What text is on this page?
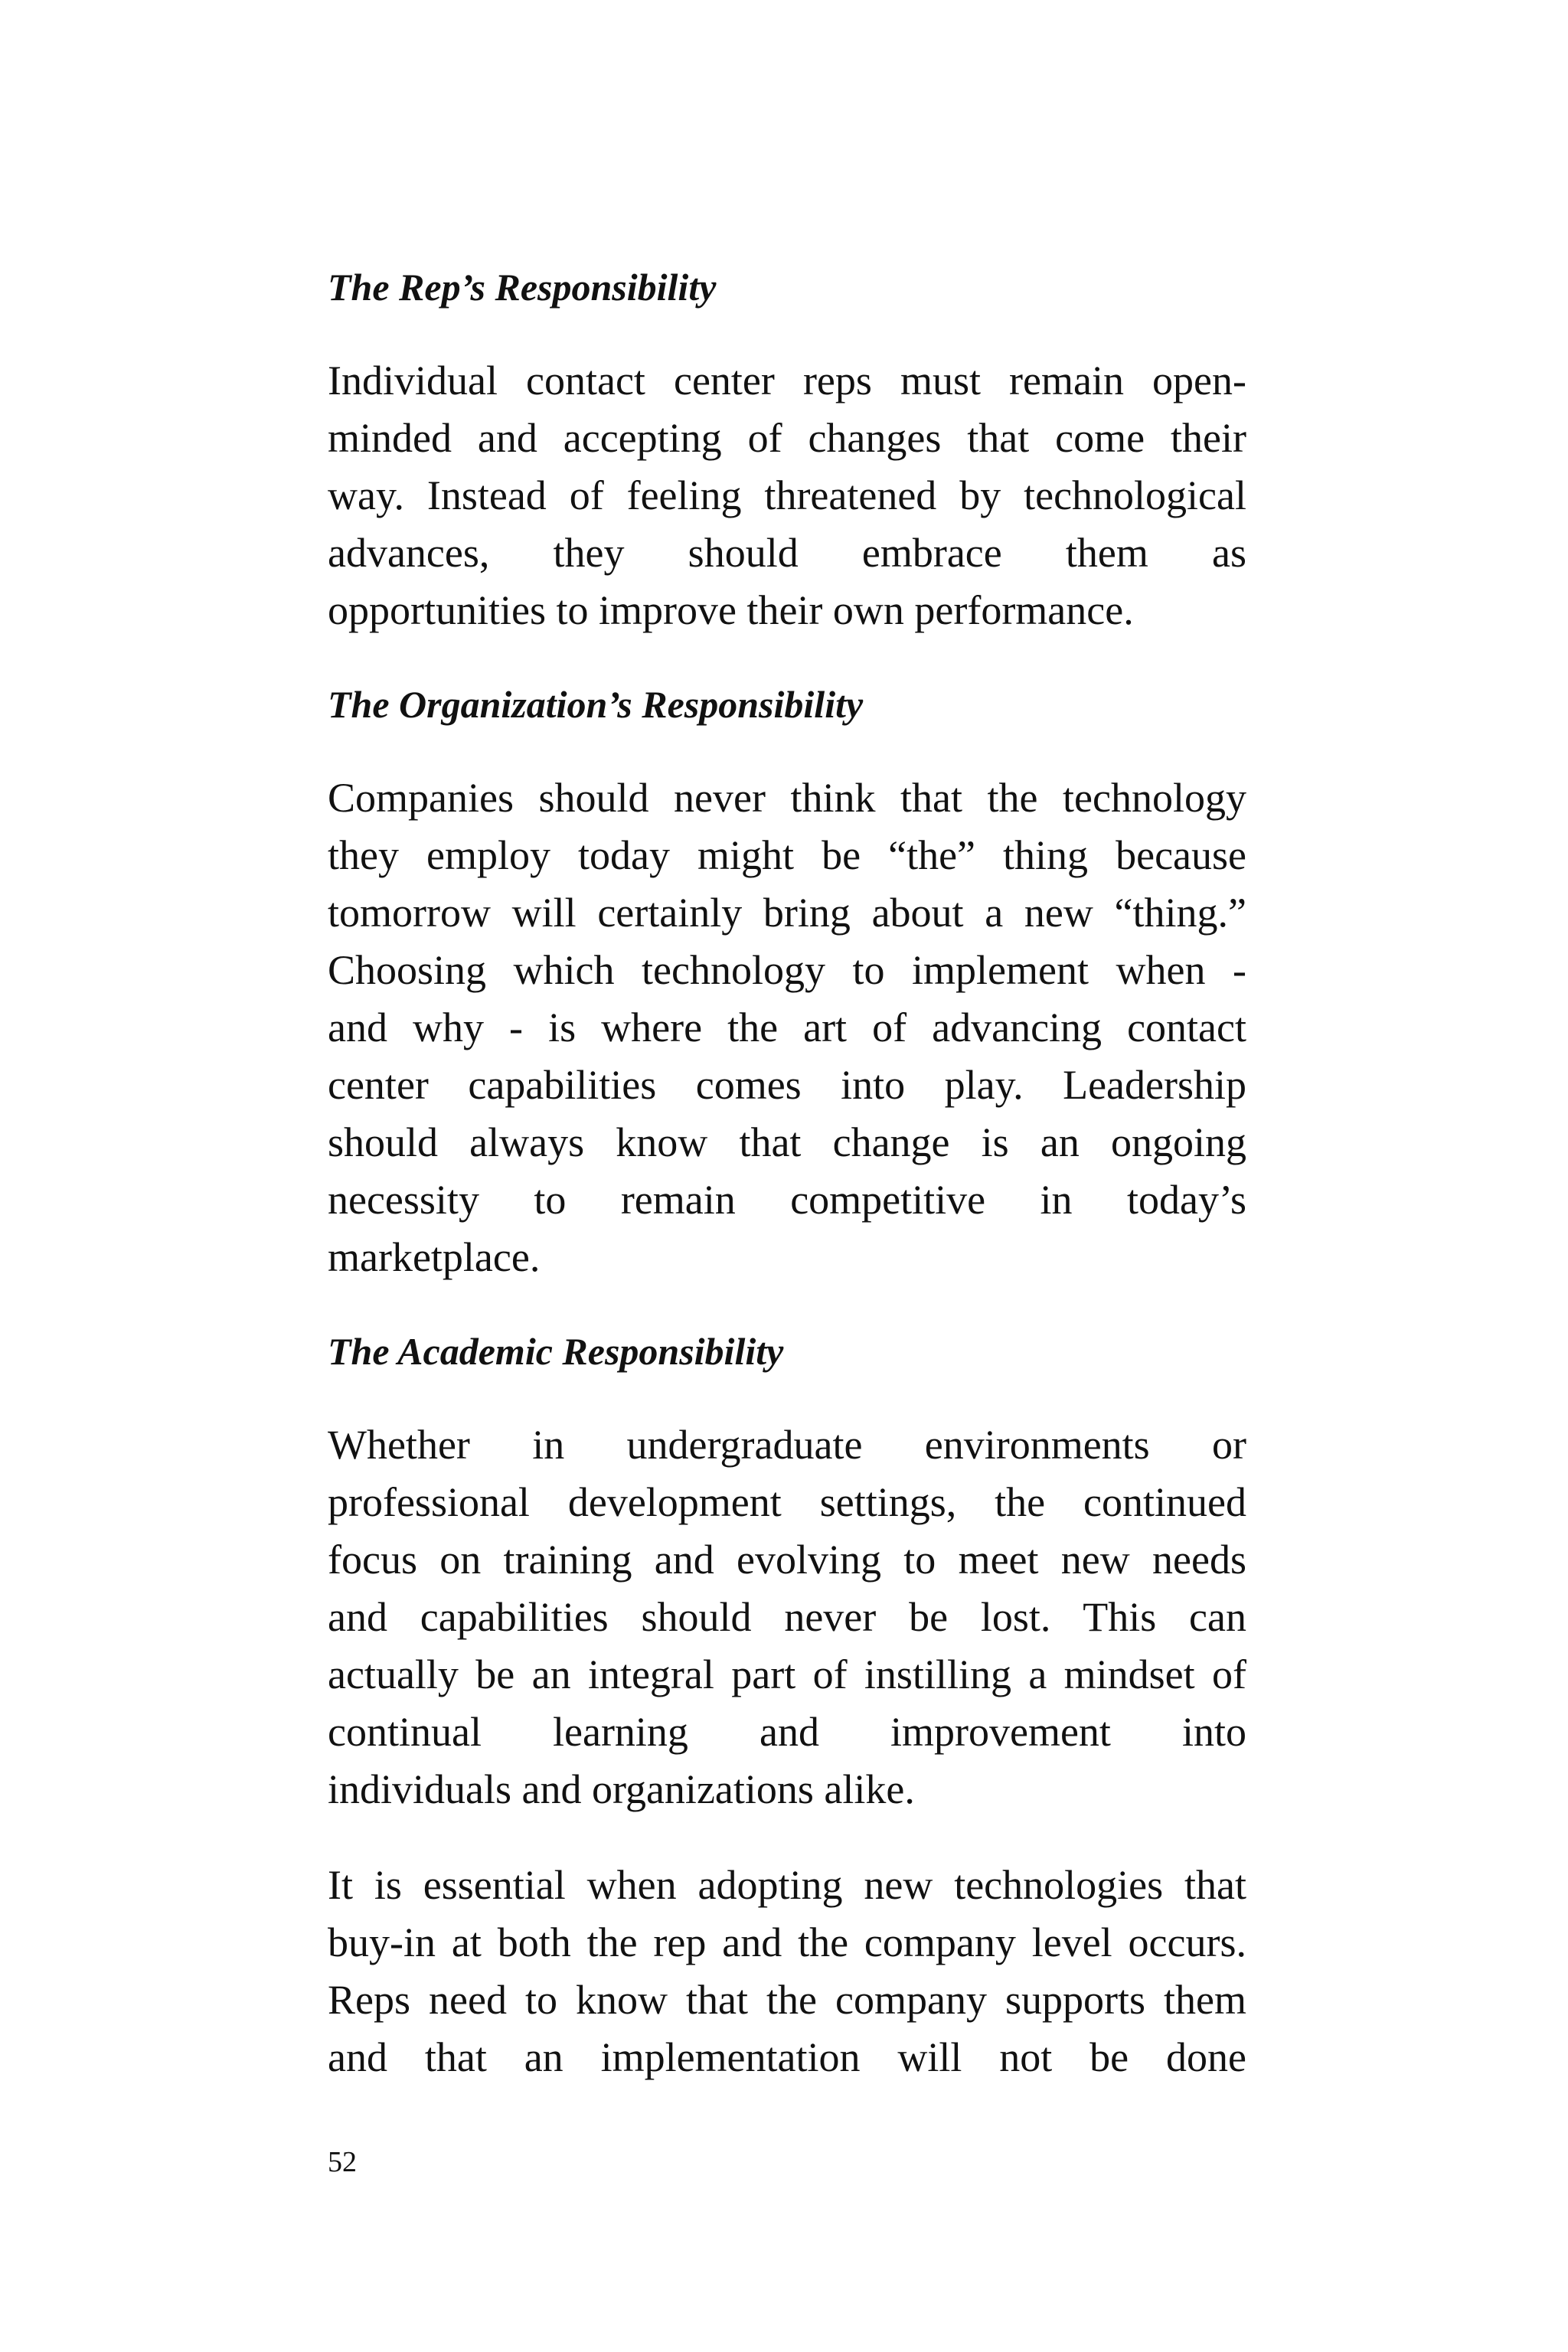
The Rep’s Responsibility
Individual contact center reps must remain open-
minded and accepting of changes that come their
way. Instead of feeling threatened by technological
advances, they should embrace them as
opportunities to improve their own performance.
The Organization’s Responsibility
Companies should never think that the technology
they employ today might be “the” thing because
tomorrow will certainly bring about a new “thing.”
Choosing which technology to implement when -
and why - is where the art of advancing contact
center capabilities comes into play. Leadership
should always know that change is an ongoing
necessity to remain competitive in today’s
marketplace.
The Academic Responsibility
Whether in undergraduate environments or
professional development settings, the continued
focus on training and evolving to meet new needs
and capabilities should never be lost. This can
actually be an integral part of instilling a mindset of
continual learning and improvement into
individuals and organizations alike.
It is essential when adopting new technologies that
buy-in at both the rep and the company level occurs.
Reps need to know that the company supports them
and that an implementation will not be done
52
